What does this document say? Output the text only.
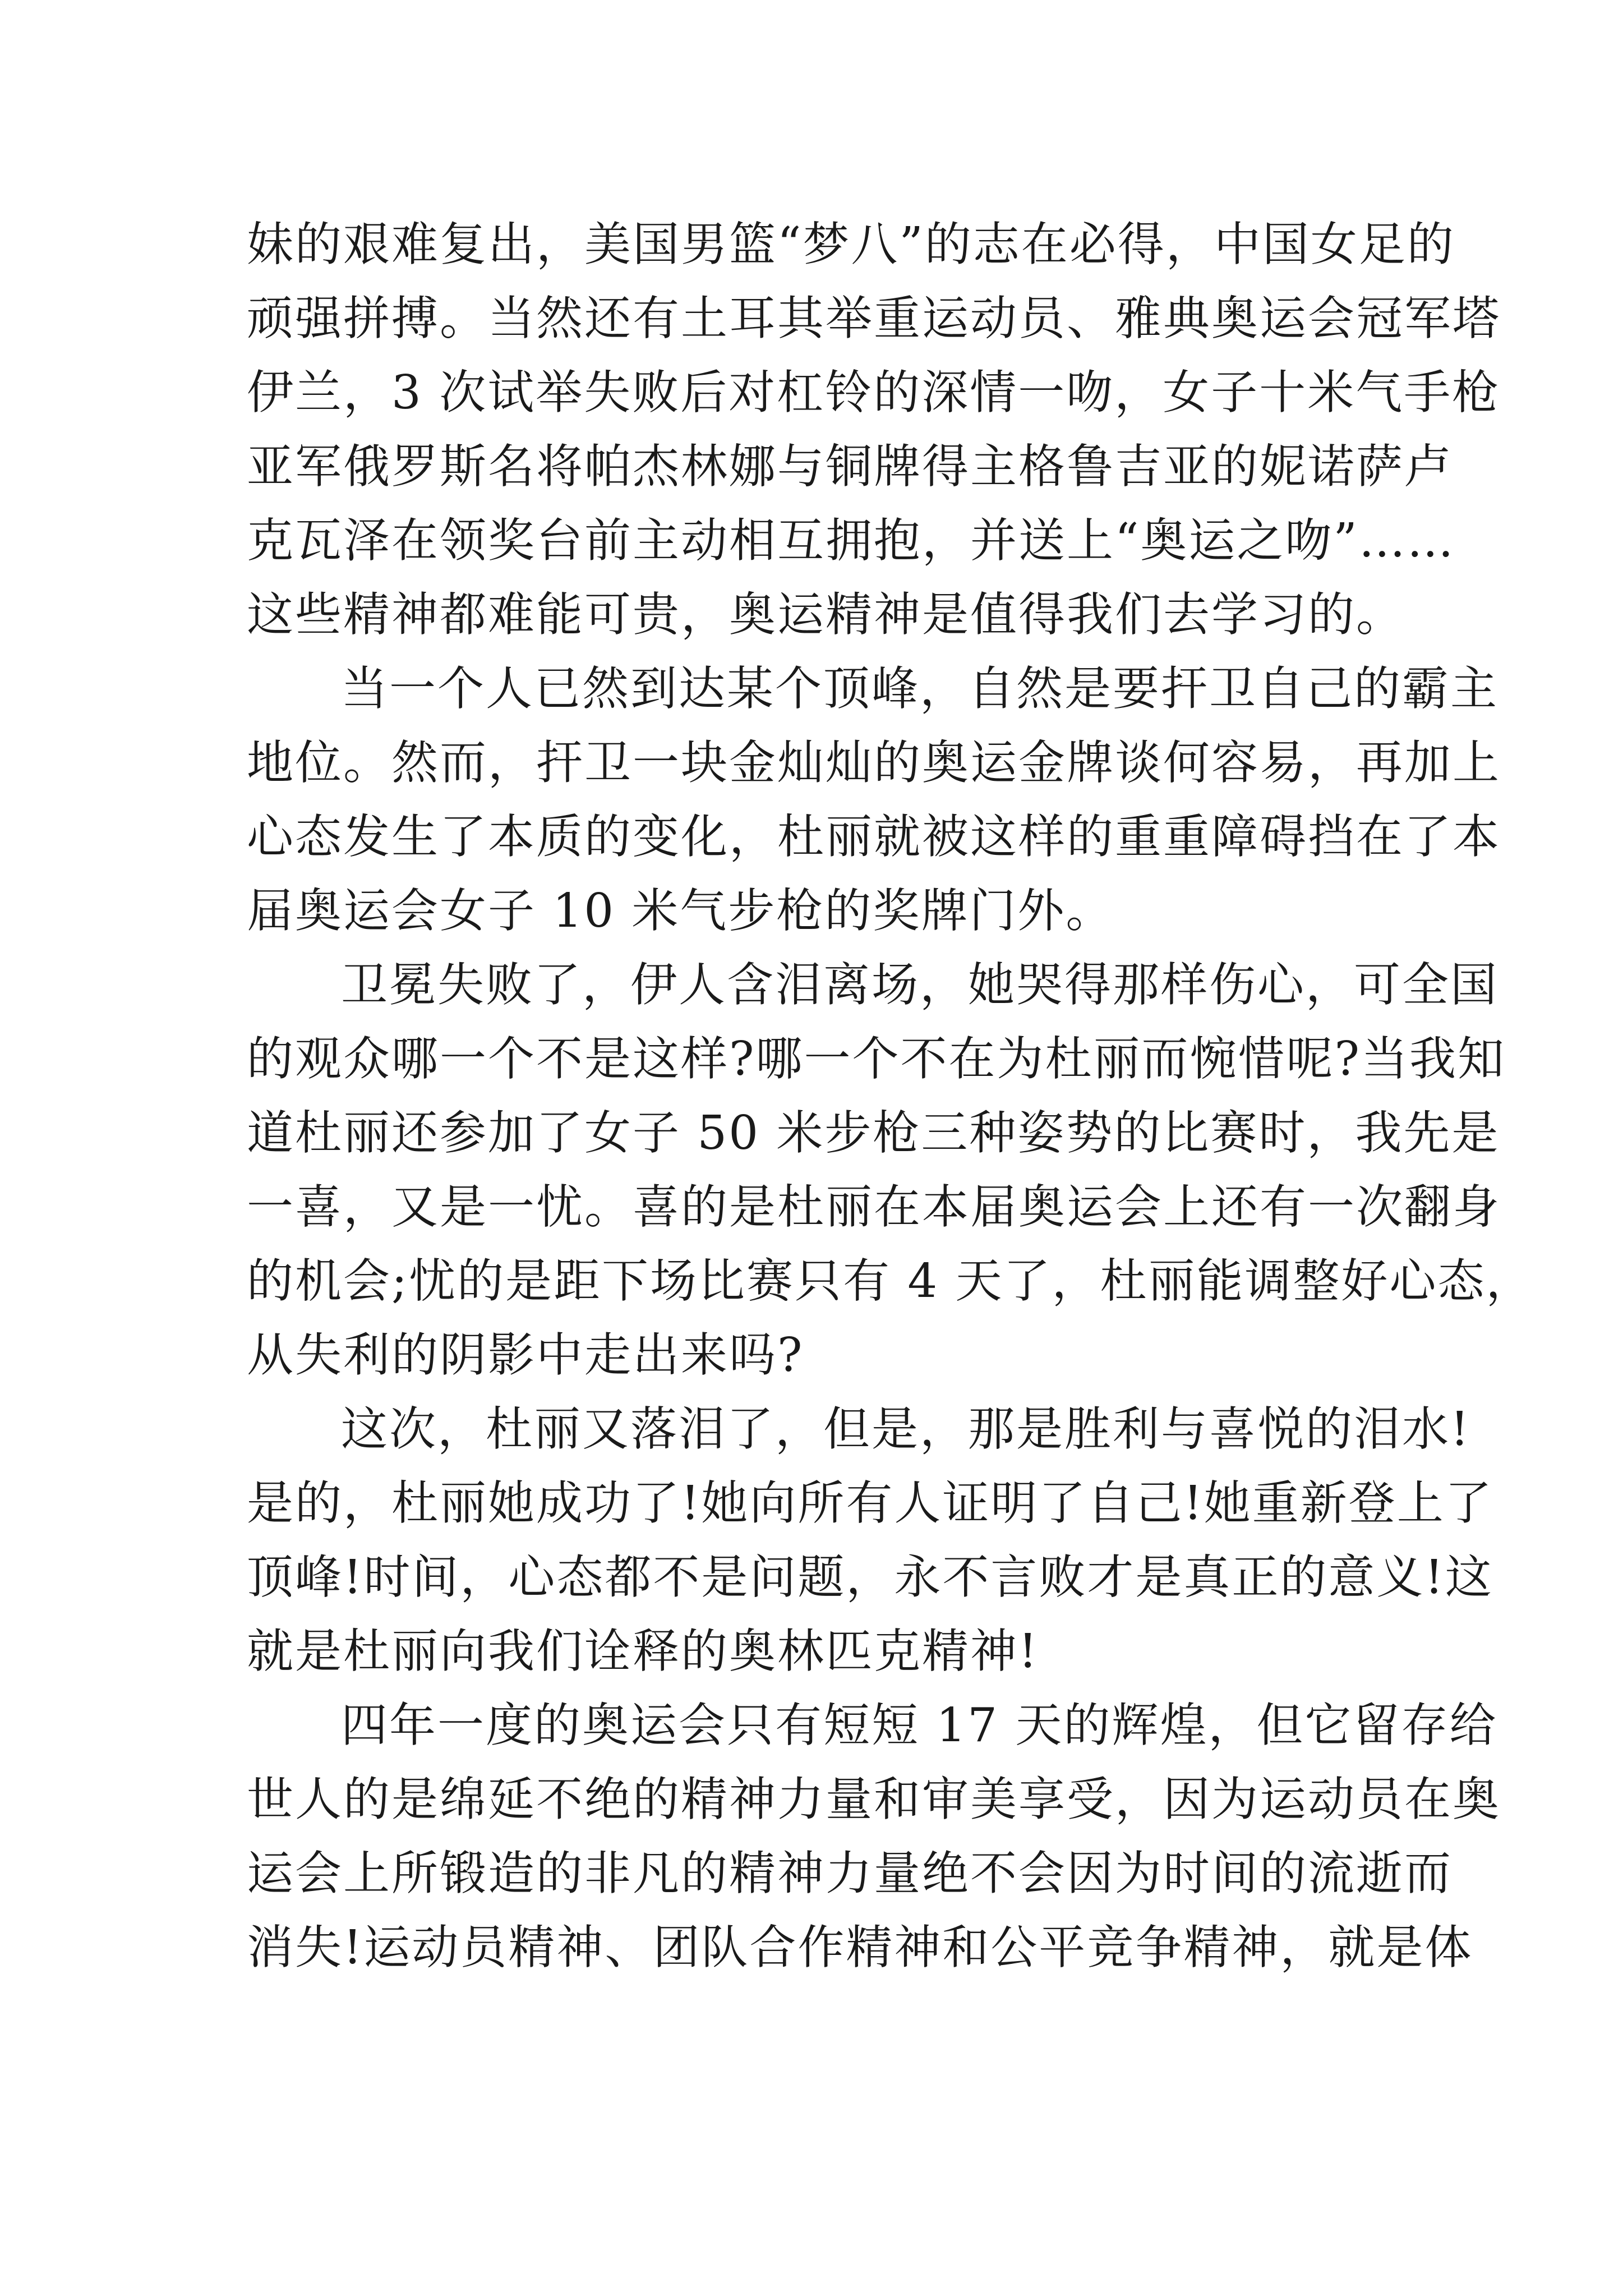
妹的艰难复出，美国男篮“梦八”的志在必得，中国女足的
顽强拼搏。当然还有土耳其举重运动员、雅典奥运会冠军塔
伊兰，3 次试举失败后对杠铃的深情一吻，女子十米气手枪
亚军俄罗斯名将帕杰林娜与铜牌得主格鲁吉亚的妮诺萨卢
克瓦泽在领奖台前主动相互拥抱，并送上“奥运之吻”……
这些精神都难能可贵，奥运精神是值得我们去学习的。
当一个人已然到达某个顶峰，自然是要扞卫自己的霸主
地位。然而，扞卫一块金灿灿的奥运金牌谈何容易，再加上
心态发生了本质的变化，杜丽就被这样的重重障碍挡在了本
届奥运会女子 10 米气步枪的奖牌门外。
卫冕失败了，伊人含泪离场，她哭得那样伤心，可全国
的观众哪一个不是这样?哪一个不在为杜丽而惋惜呢?当我知
道杜丽还参加了女子 50 米步枪三种姿势的比赛时，我先是
一喜，又是一忧。喜的是杜丽在本届奥运会上还有一次翻身
的机会;忧的是距下场比赛只有 4 天了，杜丽能调整好心态，
从失利的阴影中走出来吗?
这次，杜丽又落泪了，但是，那是胜利与喜悦的泪水!
是的，杜丽她成功了!她向所有人证明了自己!她重新登上了
顶峰!时间，心态都不是问题，永不言败才是真正的意义!这
就是杜丽向我们诠释的奥林匹克精神!
四年一度的奥运会只有短短 17 天的辉煌，但它留存给
世人的是绵延不绝的精神力量和审美享受，因为运动员在奥
运会上所锻造的非凡的精神力量绝不会因为时间的流逝而
消失!运动员精神、团队合作精神和公平竞争精神，就是体
